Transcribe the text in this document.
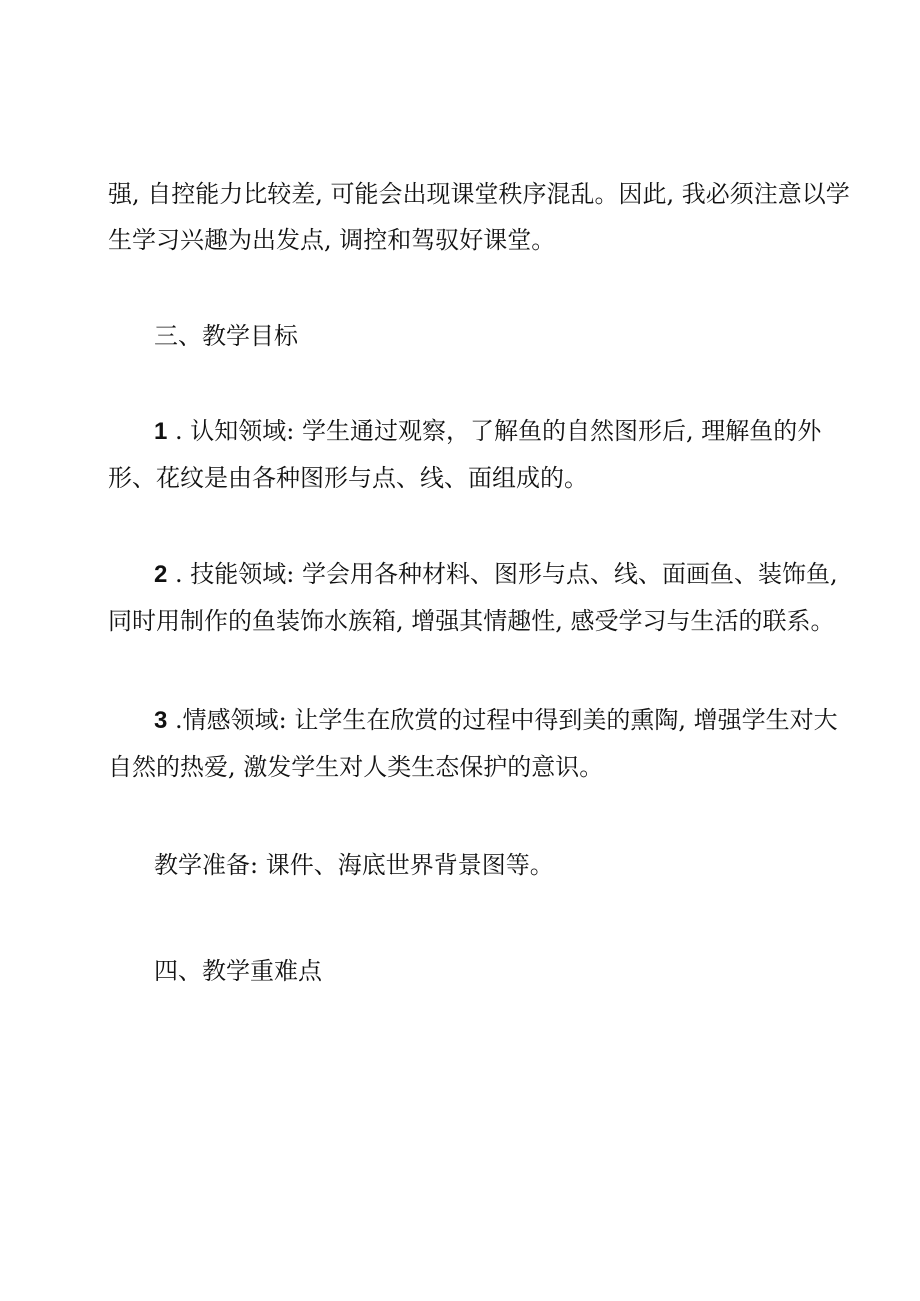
强, 自控能力比较差, 可能会出现课堂秩序混乱。因此, 我必须注意以学
生学习兴趣为出发点, 调控和驾驭好课堂。

三、教学目标

1 . 认知领域: 学生通过观察，了解鱼的自然图形后, 理解鱼的外
形、花纹是由各种图形与点、线、面组成的。

2 . 技能领域: 学会用各种材料、图形与点、线、面画鱼、装饰鱼,
同时用制作的鱼装饰水族箱, 增强其情趣性, 感受学习与生活的联系。

3 .情感领域: 让学生在欣赏的过程中得到美的熏陶, 增强学生对大
自然的热爱, 激发学生对人类生态保护的意识。

教学准备: 课件、海底世界背景图等。

四、教学重难点
